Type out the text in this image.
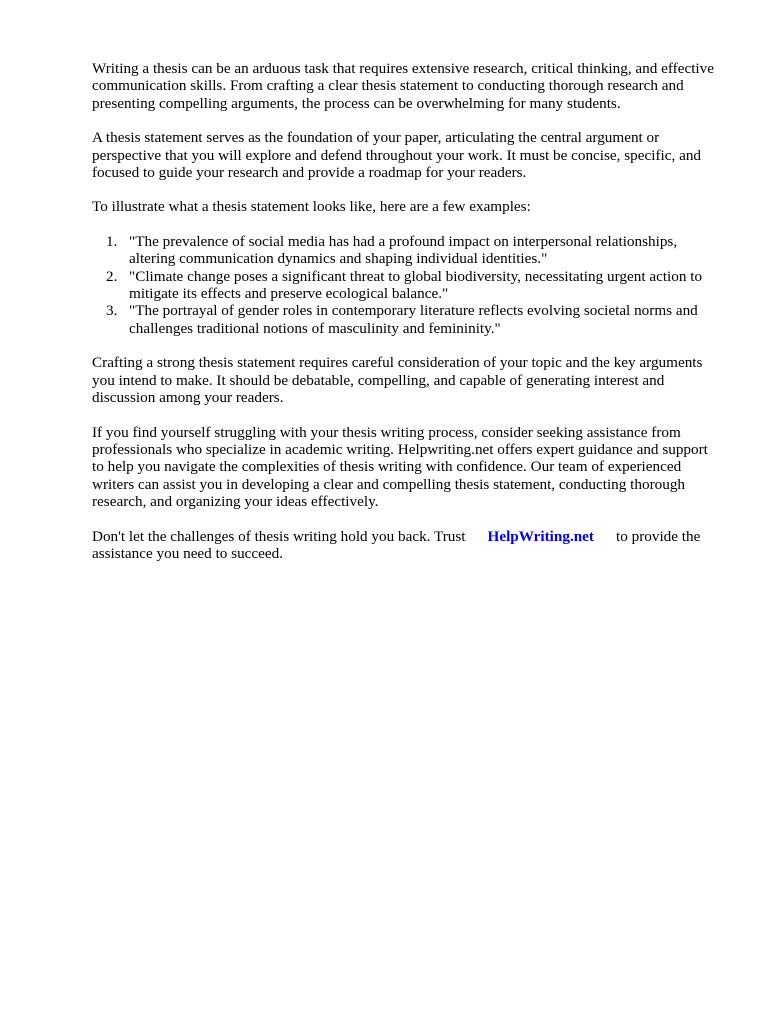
Writing a thesis can be an arduous task that requires extensive research, critical thinking, and effective communication skills. From crafting a clear thesis statement to conducting thorough research and presenting compelling arguments, the process can be overwhelming for many students.

A thesis statement serves as the foundation of your paper, articulating the central argument or perspective that you will explore and defend throughout your work. It must be concise, specific, and focused to guide your research and provide a roadmap for your readers.

To illustrate what a thesis statement looks like, here are a few examples:

1. "The prevalence of social media has had a profound impact on interpersonal relationships, altering communication dynamics and shaping individual identities."
2. "Climate change poses a significant threat to global biodiversity, necessitating urgent action to mitigate its effects and preserve ecological balance."
3. "The portrayal of gender roles in contemporary literature reflects evolving societal norms and challenges traditional notions of masculinity and femininity."

Crafting a strong thesis statement requires careful consideration of your topic and the key arguments you intend to make. It should be debatable, compelling, and capable of generating interest and discussion among your readers.

If you find yourself struggling with your thesis writing process, consider seeking assistance from professionals who specialize in academic writing. Helpwriting.net offers expert guidance and support to help you navigate the complexities of thesis writing with confidence. Our team of experienced writers can assist you in developing a clear and compelling thesis statement, conducting thorough research, and organizing your ideas effectively.

Don't let the challenges of thesis writing hold you back. Trust HelpWriting.net to provide the assistance you need to succeed.
